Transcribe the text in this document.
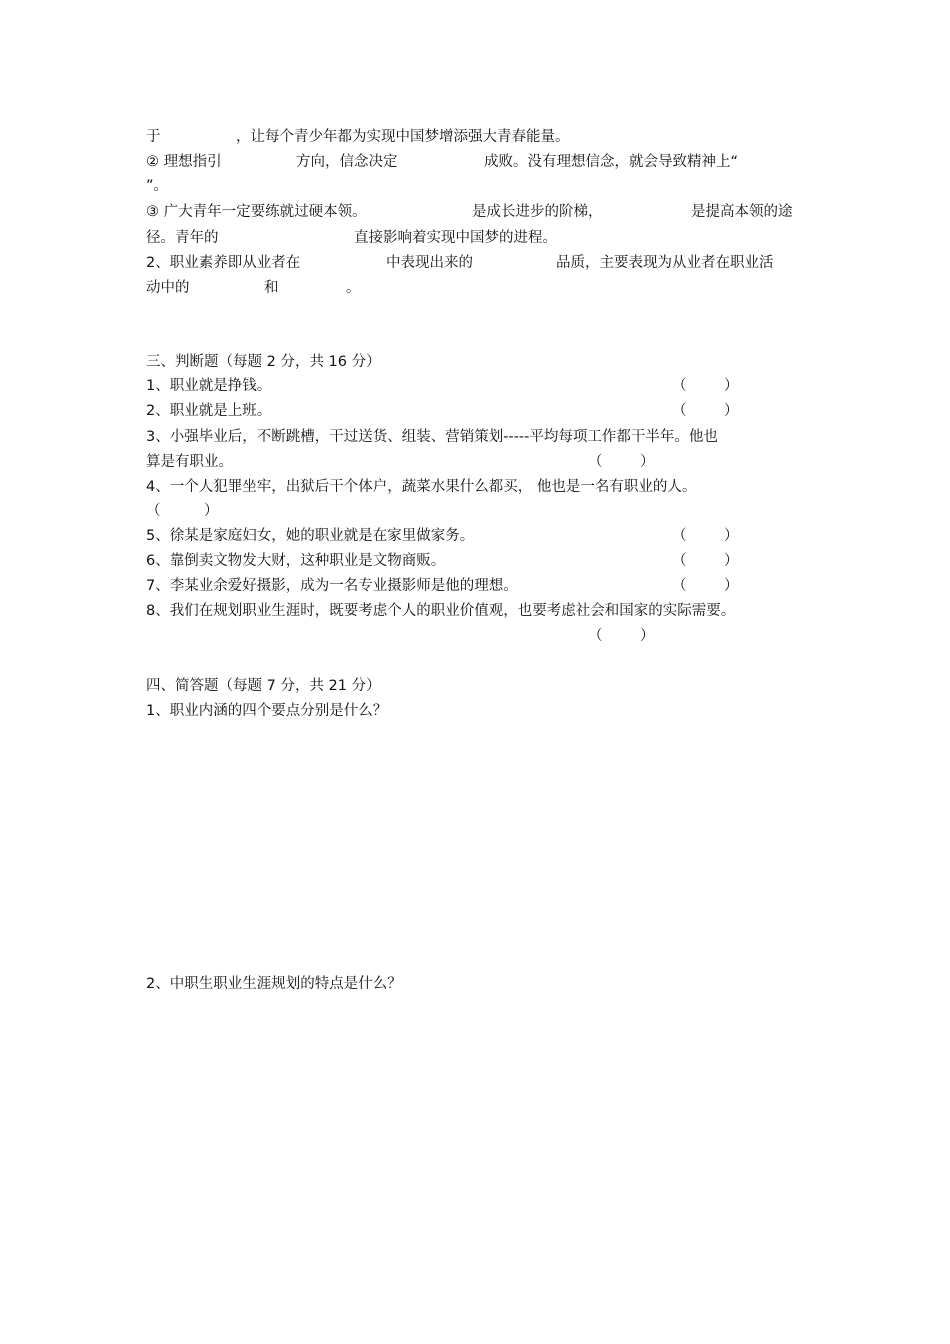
于	，让每个青少年都为实现中国梦增添强大青春能量。
② 理想指引	方向，信念决定	成败。没有理想信念，就会导致精神上“
”。
③ 广大青年一定要练就过硬本领。	是成长进步的阶梯，	是提高本领的途
径。青年的	直接影响着实现中国梦的进程。
2、职业素养即从业者在	中表现出来的	品质，主要表现为从业者在职业活
动中的	和	。
三、判断题（每题 2 分，共 16 分）
1、职业就是挣钱。	（	）
2、职业就是上班。	（	）
3、小强毕业后，不断跳槽，干过送货、组装、营销策划-----平均每项工作都干半年。他也
算是有职业。	（	）
4、一个人犯罪坐牢，出狱后干个体户，蔬菜水果什么都买， 他也是一名有职业的人。
（	）
5、徐某是家庭妇女，她的职业就是在家里做家务。	（	）
6、靠倒卖文物发大财，这种职业是文物商贩。	（	）
7、李某业余爱好摄影，成为一名专业摄影师是他的理想。	（	）
8、我们在规划职业生涯时，既要考虑个人的职业价值观，也要考虑社会和国家的实际需要。
（	）
四、简答题（每题 7 分，共 21 分）
1、职业内涵的四个要点分别是什么？
2、中职生职业生涯规划的特点是什么？
